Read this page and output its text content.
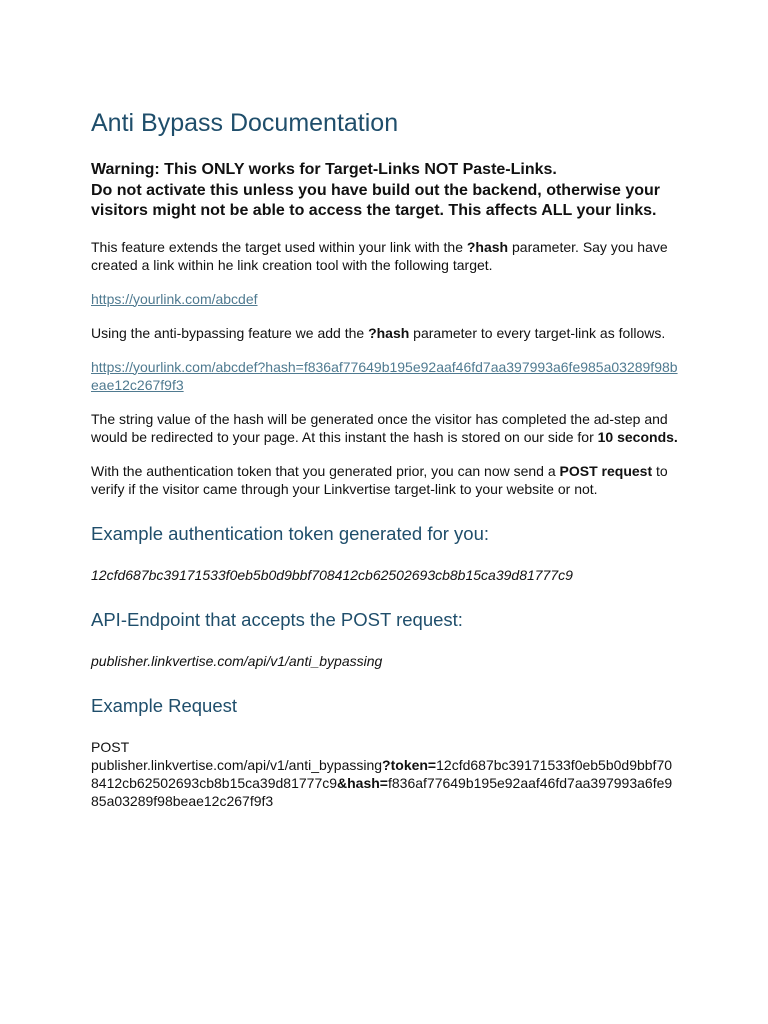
Anti Bypass Documentation
Warning: This ONLY works for Target-Links NOT Paste-Links.
Do not activate this unless you have build out the backend, otherwise your visitors might not be able to access the target. This affects ALL your links.

This feature extends the target used within your link with the ?hash parameter. Say you have created a link within he link creation tool with the following target.

https://yourlink.com/abcdef

Using the anti-bypassing feature we add the ?hash parameter to every target-link as follows.

https://yourlink.com/abcdef?hash=f836af77649b195e92aaf46fd7aa397993a6fe985a03289f98beae12c267f9f3

The string value of the hash will be generated once the visitor has completed the ad-step and would be redirected to your page. At this instant the hash is stored on our side for 10 seconds.

With the authentication token that you generated prior, you can now send a POST request to verify if the visitor came through your Linkvertise target-link to your website or not.

Example authentication token generated for you:
12cfd687bc39171533f0eb5b0d9bbf708412cb62502693cb8b15ca39d81777c9
API-Endpoint that accepts the POST request:
publisher.linkvertise.com/api/v1/anti_bypassing
Example Request

POST
publisher.linkvertise.com/api/v1/anti_bypassing?token=12cfd687bc39171533f0eb5b0d9bbf708412cb62502693cb8b15ca39d81777c9&hash=f836af77649b195e92aaf46fd7aa397993a6fe985a03289f98beae12c267f9f3
